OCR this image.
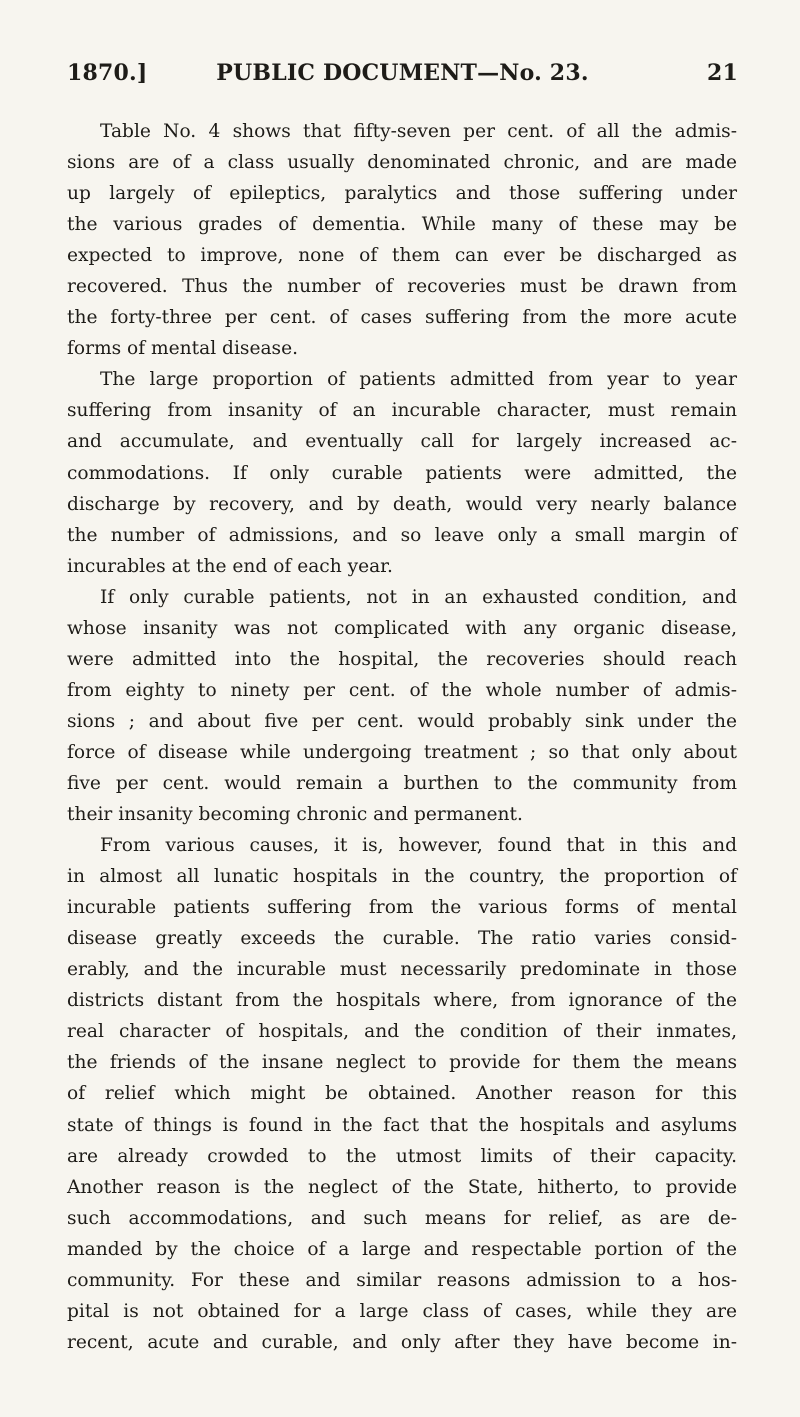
1870.]	PUBLIC DOCUMENT—No. 23.	21
Table No. 4 shows that fifty-seven per cent. of all the admis-
sions are of a class usually denominated chronic, and are made
up largely of epileptics, paralytics and those suffering under
the various grades of dementia. While many of these may be
expected to improve, none of them can ever be discharged as
recovered. Thus the number of recoveries must be drawn from
the forty-three per cent. of cases suffering from the more acute
forms of mental disease.
The large proportion of patients admitted from year to year
suffering from insanity of an incurable character, must remain
and accumulate, and eventually call for largely increased ac-
commodations. If only curable patients were admitted, the
discharge by recovery, and by death, would very nearly balance
the number of admissions, and so leave only a small margin of
incurables at the end of each year.
If only curable patients, not in an exhausted condition, and
whose insanity was not complicated with any organic disease,
were admitted into the hospital, the recoveries should reach
from eighty to ninety per cent. of the whole number of admis-
sions ; and about five per cent. would probably sink under the
force of disease while undergoing treatment ; so that only about
five per cent. would remain a burthen to the community from
their insanity becoming chronic and permanent.
From various causes, it is, however, found that in this and
in almost all lunatic hospitals in the country, the proportion of
incurable patients suffering from the various forms of mental
disease greatly exceeds the curable. The ratio varies consid-
erably, and the incurable must necessarily predominate in those
districts distant from the hospitals where, from ignorance of the
real character of hospitals, and the condition of their inmates,
the friends of the insane neglect to provide for them the means
of relief which might be obtained. Another reason for this
state of things is found in the fact that the hospitals and asylums
are already crowded to the utmost limits of their capacity.
Another reason is the neglect of the State, hitherto, to provide
such accommodations, and such means for relief, as are de-
manded by the choice of a large and respectable portion of the
community. For these and similar reasons admission to a hos-
pital is not obtained for a large class of cases, while they are
recent, acute and curable, and only after they have become in-
